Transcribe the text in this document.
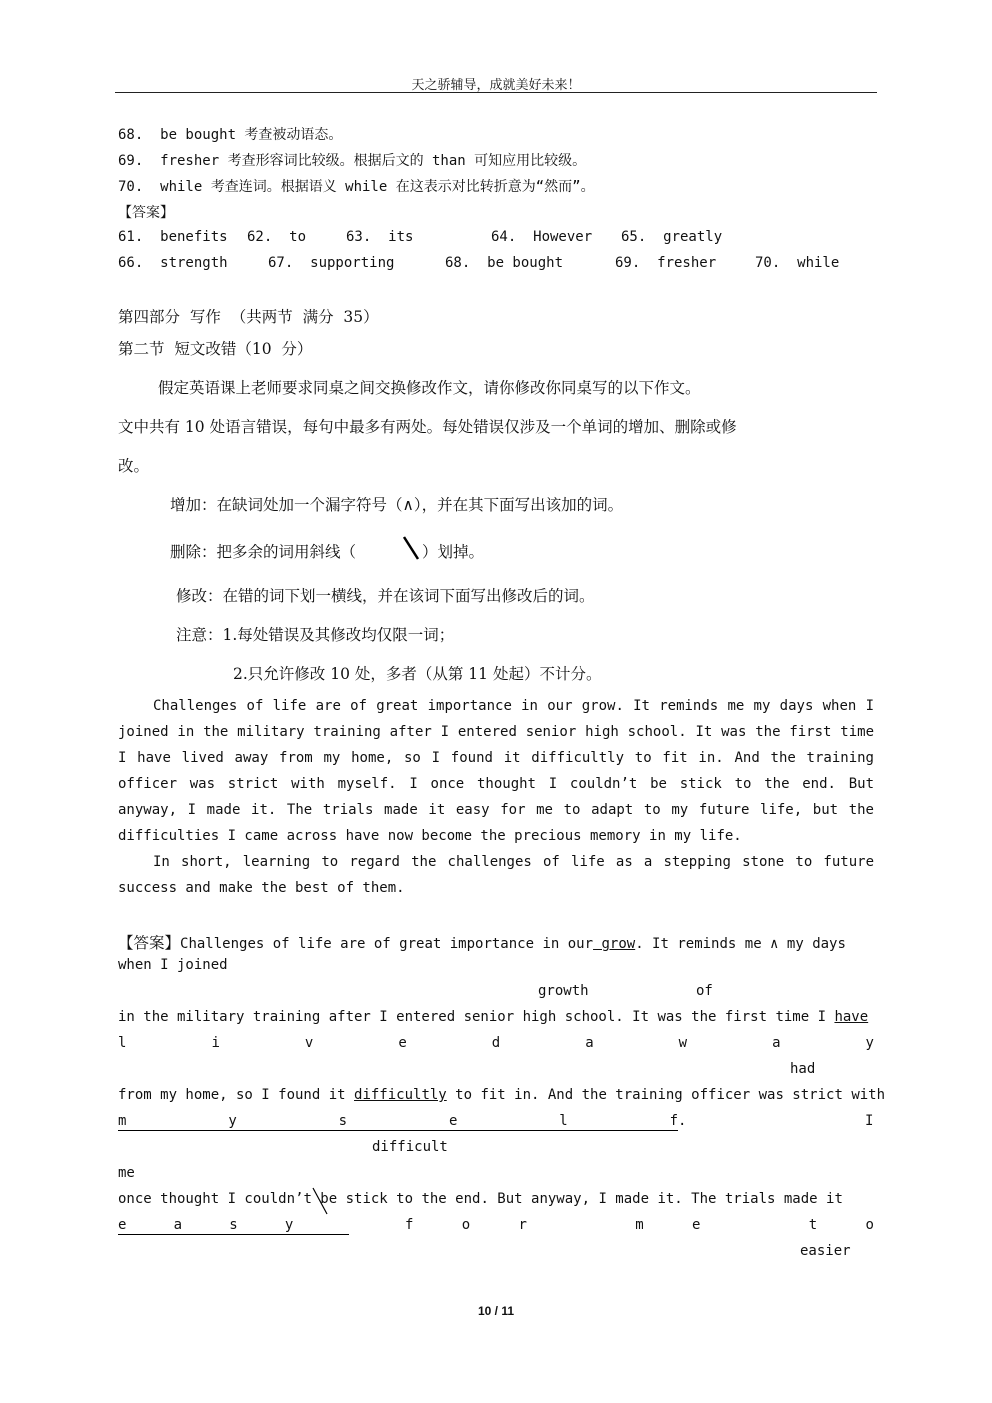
天之骄辅导，成就美好未来！
68.  be bought 考查被动语态。
69.  fresher 考查形容词比较级。根据后文的 than 可知应用比较级。
70.  while 考查连词。根据语义 while 在这表示对比转折意为“然而”。
【答案】
61.  benefits 62.  to	63.  its	64.  However 65.  greatly
66.  strength	67.  supporting	68.  be bought	69.  fresher	70.  while
第四部分  写作  （共两节  满分  35）
第二节  短文改错（10  分）
假定英语课上老师要求同桌之间交换修改作文，请你修改你同桌写的以下作文。
文中共有 10 处语言错误，每句中最多有两处。每处错误仅涉及一个单词的增加、删除或修
改。
增加：在缺词处加一个漏字符号（∧），并在其下面写出该加的词。
删除：把多余的词用斜线（	）划掉。
修改：在错的词下划一横线，并在该词下面写出修改后的词。
注意：1.每处错误及其修改均仅限一词；
2.只允许修改 10 处，多者（从第 11 处起）不计分。
Challenges of life are of great importance in our grow. It reminds me my days when I joined in the military training after I entered senior high school. It was the first time I have lived away from my home, so I found it difficultly to fit in. And the training officer was strict with myself. I once thought I couldn’t be stick to the end. But anyway, I made it. The trials made it easy for me to adapt to my future life, but the difficulties I came across have now become the precious memory in my life.
In short, learning to regard the challenges of life as a stepping stone to future success and make the best of them.
【答案】Challenges of life are of great importance in our grow. It reminds me ∧ my days
when I joined
growth	of
in the military training after I entered senior high school. It was the first time I have
l	i	v	e	d	a	w	a	y
had
from my home, so I found it difficultly to fit in. And the training officer was strict with
m	y	s	e	l	f .	I
difficult
me
once thought I couldn’t be stick to the end. But anyway, I made it. The trials made it
e	a	s	y
	f	o	r	m	e	t	o
easier
10 / 11
